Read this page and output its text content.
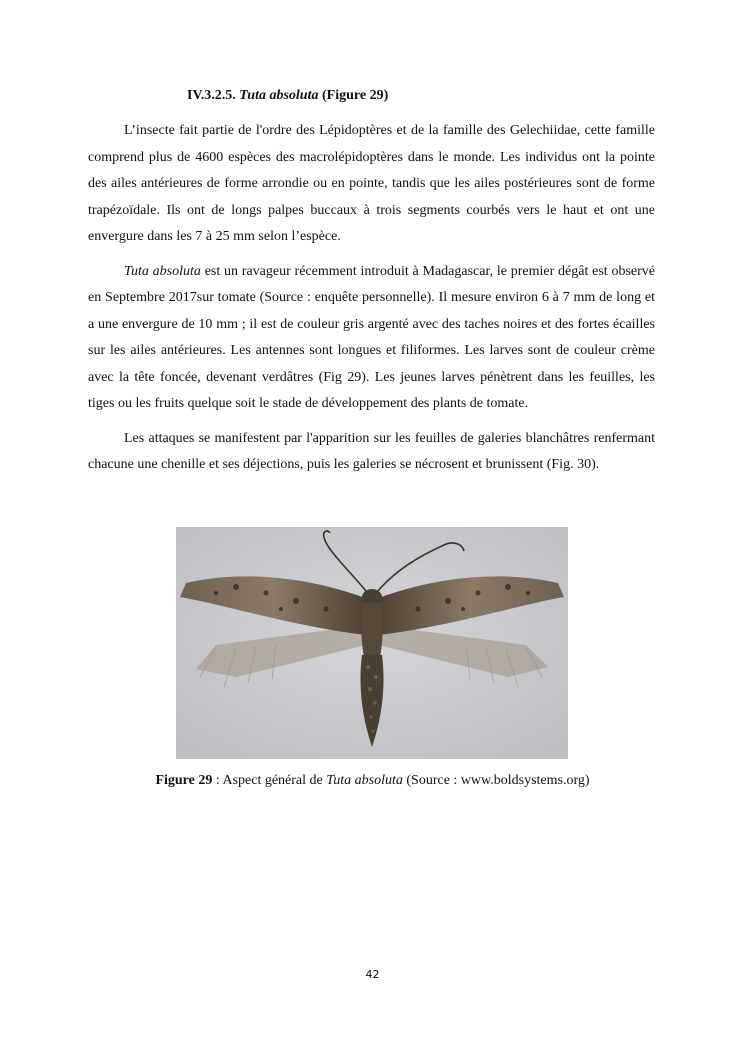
IV.3.2.5. Tuta absoluta (Figure 29)

L’insecte fait partie de l'ordre des Lépidoptères et de la famille des Gelechiidae, cette famille comprend plus de 4600 espèces des macrolépidoptères dans le monde. Les individus ont la pointe des ailes antérieures de forme arrondie ou en pointe, tandis que les ailes postérieures sont de forme trapézoïdale. Ils ont de longs palpes buccaux à trois segments courbés vers le haut et ont une envergure dans les 7 à 25 mm selon l’espèce.

Tuta absoluta est un ravageur récemment introduit à Madagascar, le premier dégât est observé en Septembre 2017sur tomate (Source : enquête personnelle). Il mesure environ 6 à 7 mm de long et a une envergure de 10 mm ; il est de couleur gris argenté avec des taches noires et des fortes écailles sur les ailes antérieures. Les antennes sont longues et filiformes. Les larves sont de couleur crème avec la tête foncée, devenant verdâtres (Fig 29). Les jeunes larves pénètrent dans les feuilles, les tiges ou les fruits quelque soit le stade de développement des plants de tomate.

Les attaques se manifestent par l'apparition sur les feuilles de galeries blanchâtres renfermant chacune une chenille et ses déjections, puis les galeries se nécrosent et brunissent (Fig. 30).

Figure 29 : Aspect général de Tuta absoluta (Source : www.boldsystems.org)
42
